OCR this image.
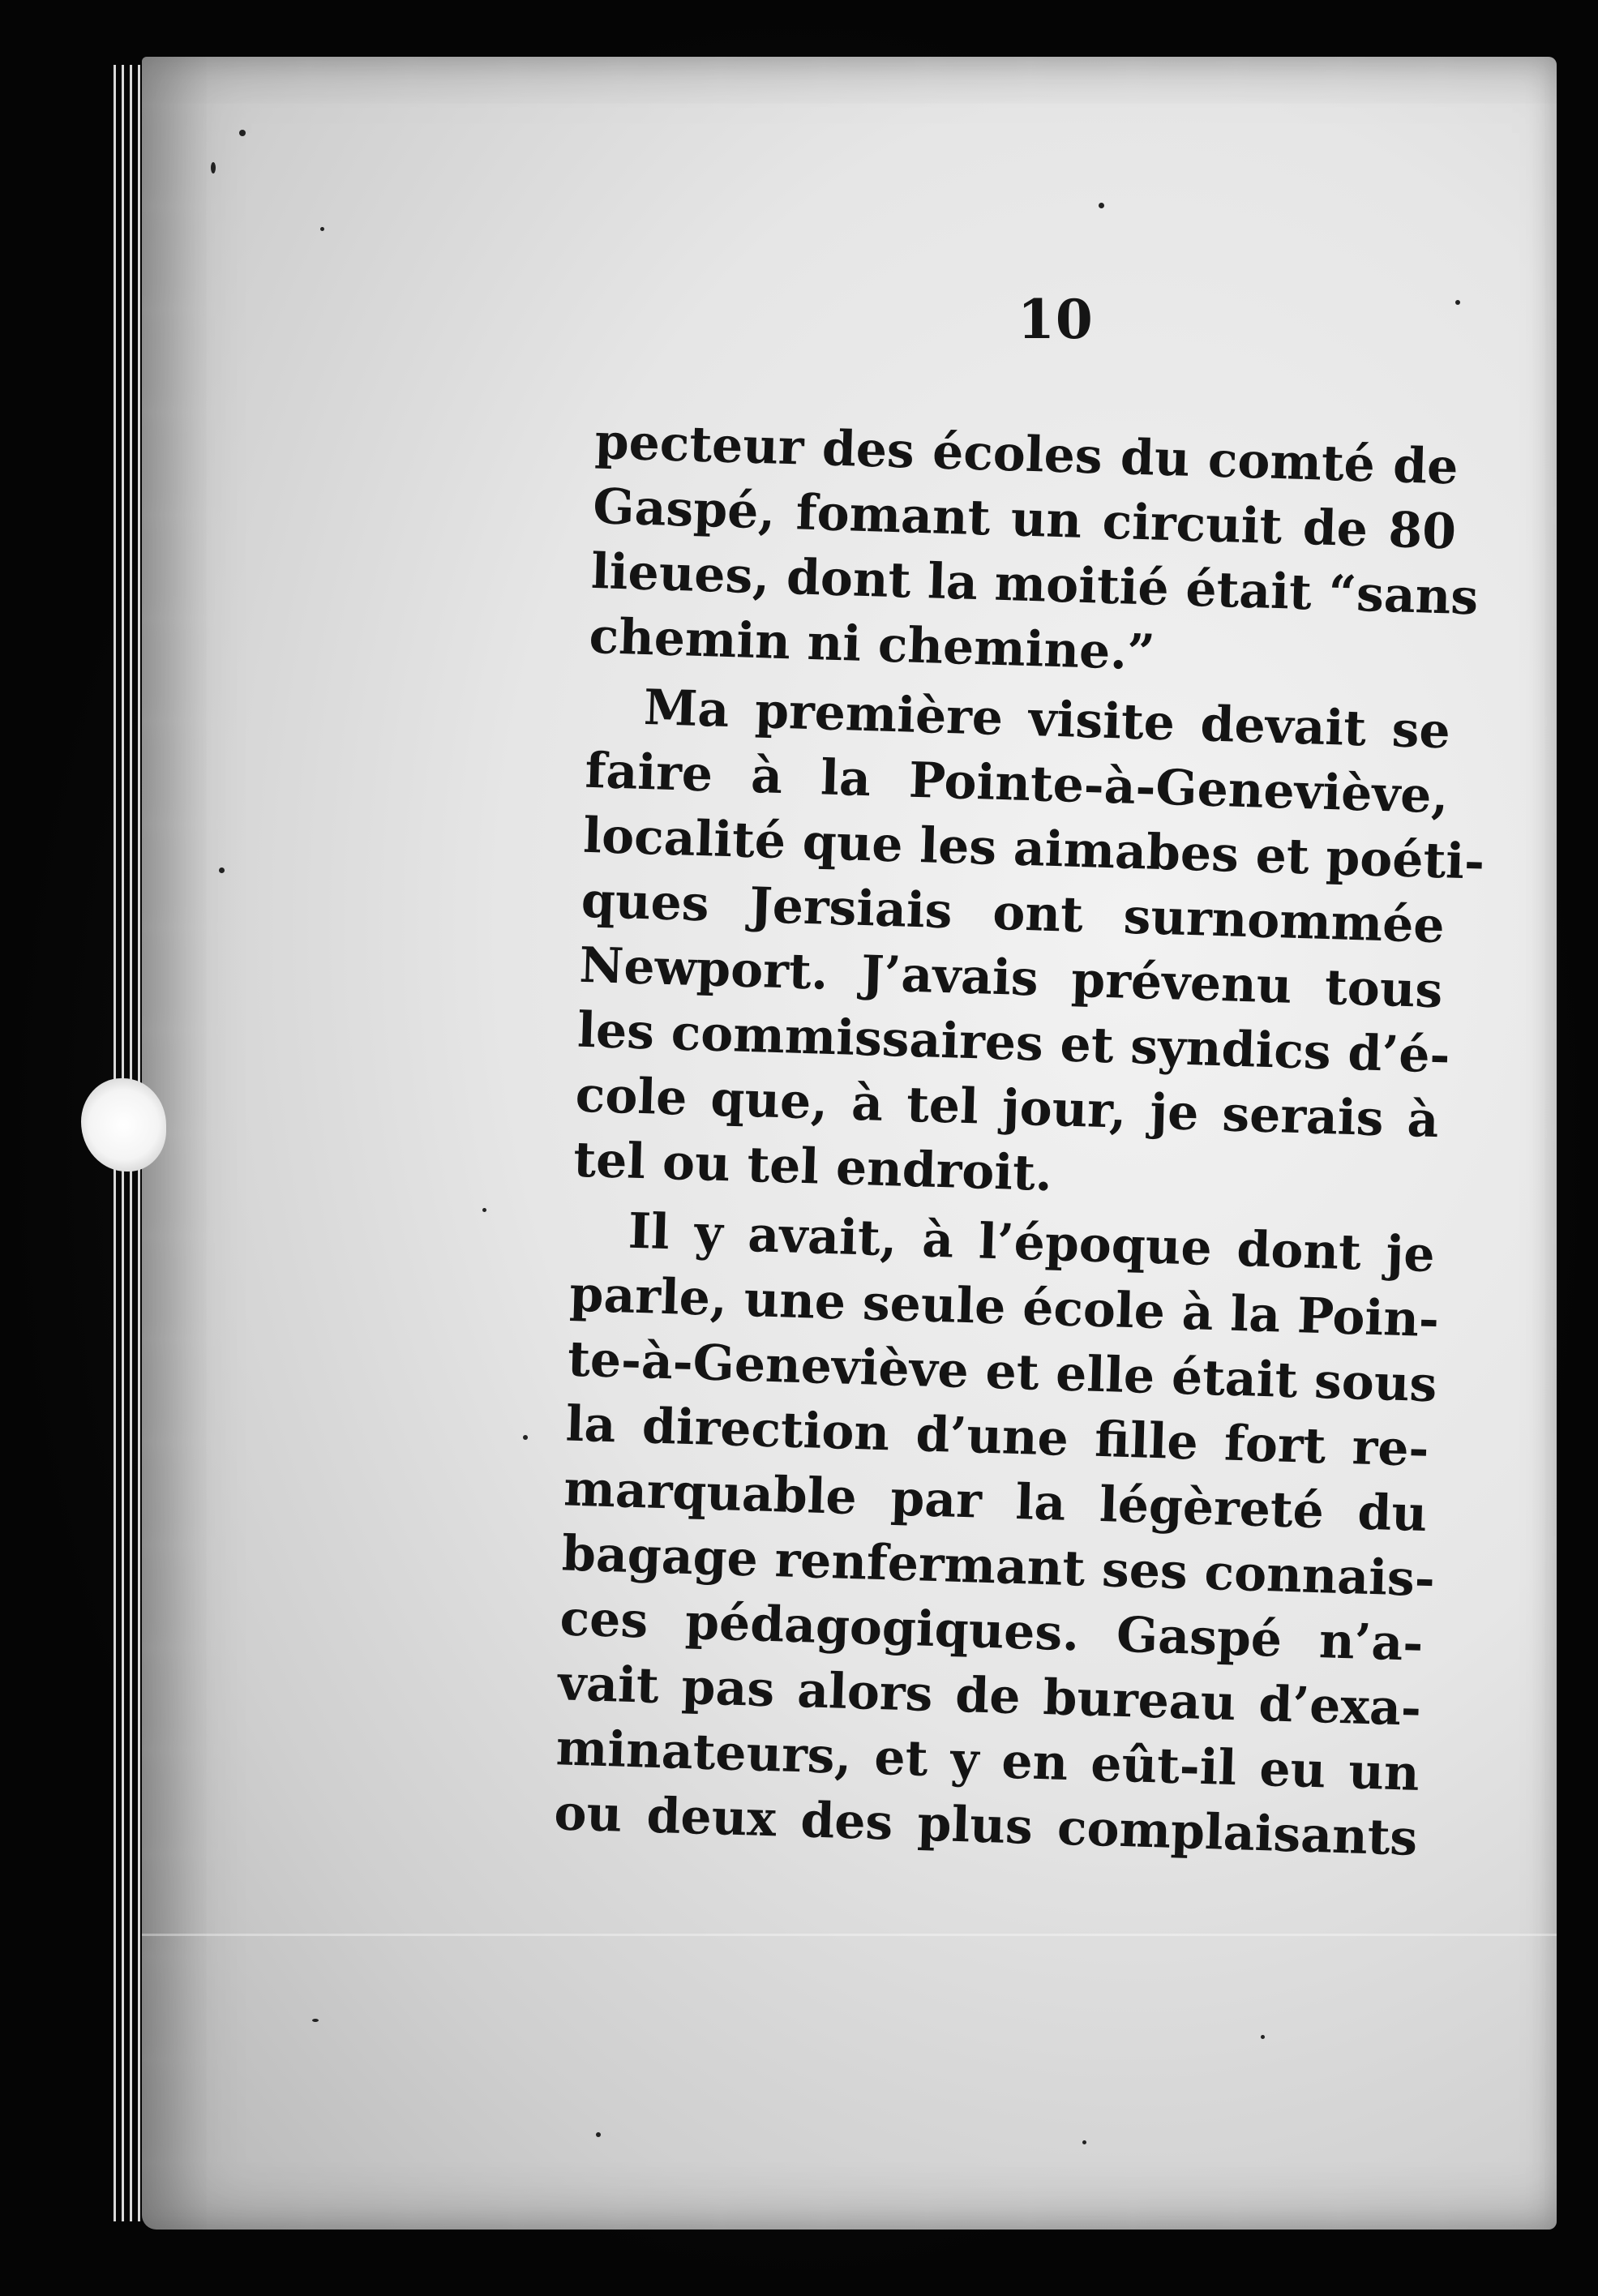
10
pecteur des écoles du comté de
Gaspé, fomant un circuit de 80
lieues, dont la moitié était “sans
chemin ni chemine.”
Ma première visite devait se
faire à la Pointe-à-Geneviève,
localité que les aimabes et poéti-
ques Jersiais ont surnommée
Newport. J’avais prévenu tous
les commissaires et syndics d’é-
cole que, à tel jour, je serais à
tel ou tel endroit.
Il y avait, à l’époque dont je
parle, une seule école à la Poin-
te-à-Geneviève et elle était sous
la direction d’une fille fort re-
marquable par la légèreté du
bagage renfermant ses connais-
ces pédagogiques. Gaspé n’a-
vait pas alors de bureau d’exa-
minateurs, et y en eût-il eu un
ou deux des plus complaisants
